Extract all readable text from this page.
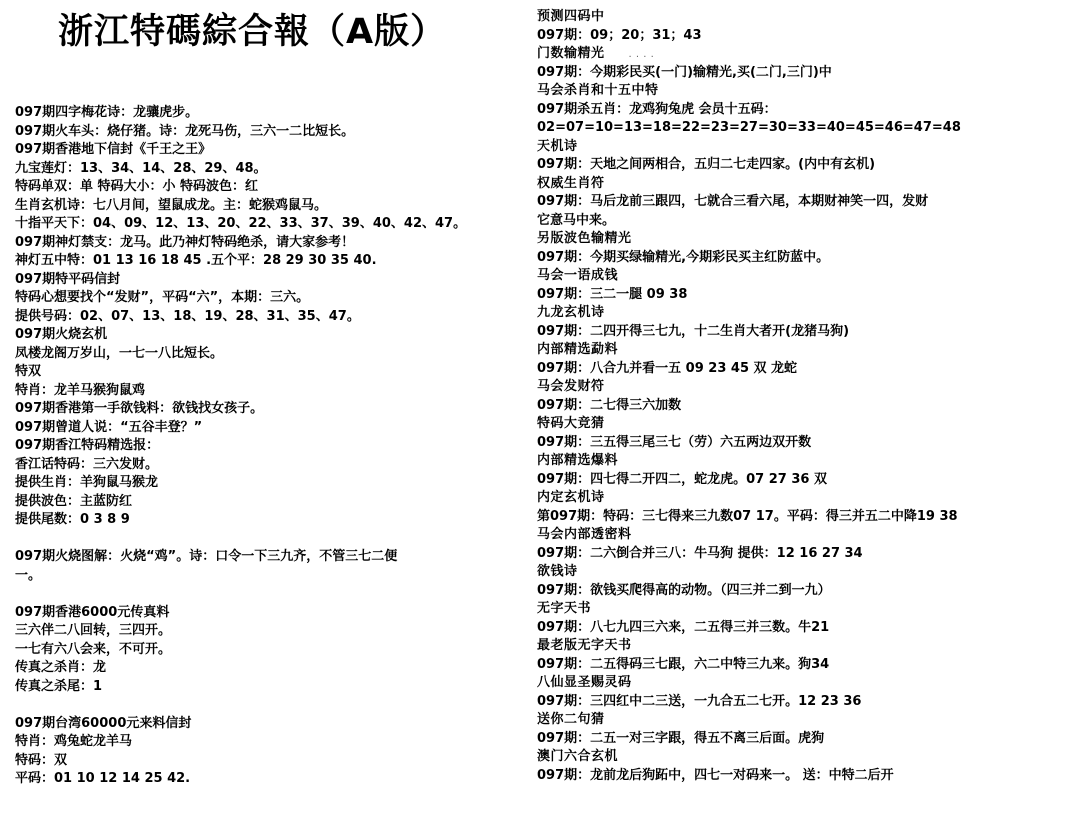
浙江特碼綜合報（A版）
097期四字梅花诗：龙骧虎步。
097期火车头：烧仔猪。诗：龙死马伤，三六一二比短长。
097期香港地下信封《千王之王》
九宝莲灯：13、34、14、28、29、48。
特码单双：单 特码大小：小 特码波色：红
生肖玄机诗：七八月间，望鼠成龙。主：蛇猴鸡鼠马。
十指平天下：04、09、12、13、20、22、33、37、39、40、42、47。
097期神灯禁支：龙马。此乃神灯特码绝杀，请大家参考！
神灯五中特：01 13 16 18 45 .五个平：28 29 30 35 40.
097期特平码信封
特码心想要找个“发财”，平码“六”，本期：三六。
提供号码：02、07、13、18、19、28、31、35、47。
097期火烧玄机
凤楼龙阁万岁山，一七一八比短长。
特双
特肖：龙羊马猴狗鼠鸡
097期香港第一手欲钱料：欲钱找女孩子。
097期曾道人说：“五谷丰登？”
097期香江特码精选报：
香江话特码：三六发财。
提供生肖：羊狗鼠马猴龙
提供波色：主蓝防红
提供尾数：0 3 8 9
097期火烧图解：火烧“鸡”。诗：口令一下三九齐，不管三七二便
一。
097期香港6000元传真料
三六伴二八回转，三四开。
一七有六八会来，不可开。
传真之杀肖：龙
传真之杀尾：1
097期台湾60000元来料信封
特肖：鸡兔蛇龙羊马
特码：双
平码：01 10 12 14 25 42.
预测四码中
097期：09；20；31；43
门数输精光 . . . .
097期：今期彩民买(一门)输精光,买(二门,三门)中
马会杀肖和十五中特
097期杀五肖：龙鸡狗兔虎 会员十五码：
02=07=10=13=18=22=23=27=30=33=40=45=46=47=48
天机诗
097期：天地之间两相合，五归二七走四家。(内中有玄机)
权威生肖符
097期：马后龙前三跟四，七就合三看六尾，本期财神笑一四，发财
它意马中来。
另版波色输精光
097期：今期买绿输精光,今期彩民买主红防蓝中。
马会一语成钱
097期：三二一腿 09 38
九龙玄机诗
097期：二四开得三七九，十二生肖大者开(龙猪马狗)
内部精选勐料
097期：八合九并看一五 09 23 45 双 龙蛇
马会发财符
097期：二七得三六加数
特码大竞猜
097期：三五得三尾三七（劳）六五两边双开数
内部精选爆料
097期：四七得二开四二，蛇龙虎。07 27 36 双
内定玄机诗
第097期：特码：三七得来三九数07 17。平码：得三并五二中降19 38
马会内部透密料
097期：二六倒合并三八：牛马狗 提供：12 16 27 34
欲钱诗
097期：欲钱买爬得高的动物。（四三并二到一九）
无字天书
097期：八七九四三六来，二五得三并三数。牛21
最老版无字天书
097期：二五得码三七跟，六二中特三九来。狗34
八仙显圣赐灵码
097期：三四红中二三送，一九合五二七开。12 23 36
送你二句猜
097期：二五一对三字跟，得五不离三后面。虎狗
澳门六合玄机
097期：龙前龙后狗跖中，四七一对码来一。 送：中特二后开
